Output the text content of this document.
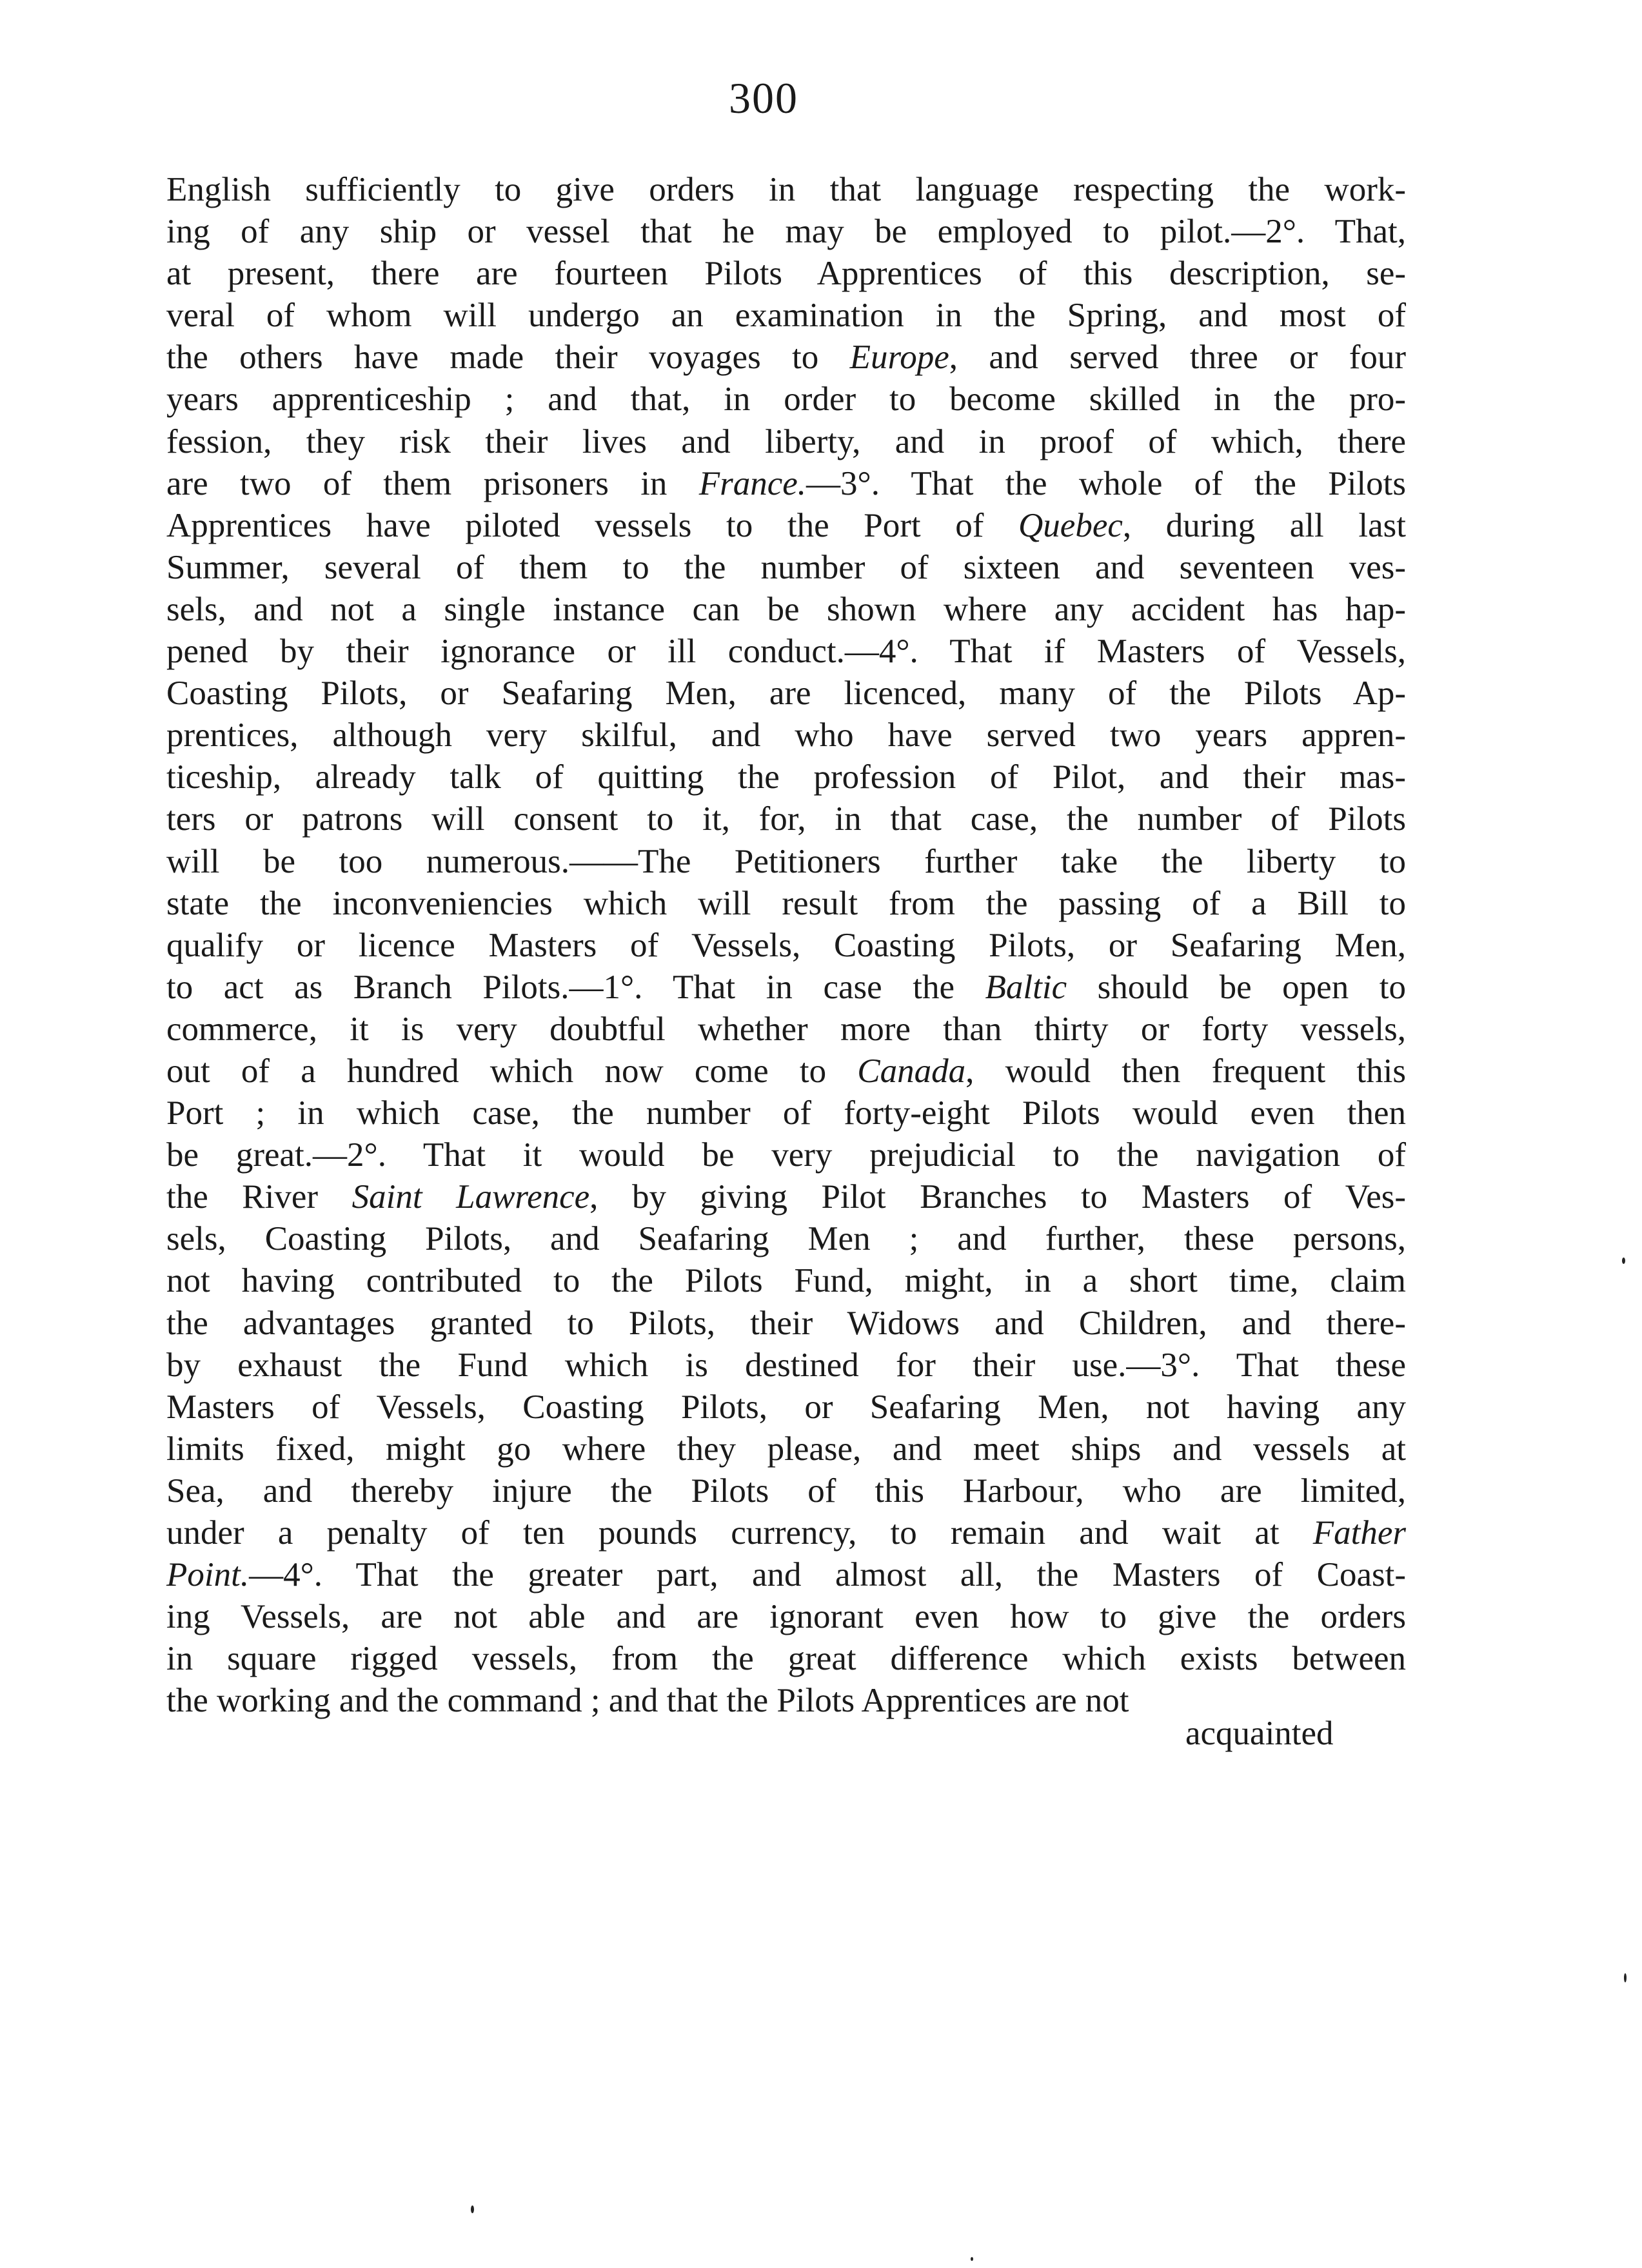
300
English sufficiently to give orders in that language respecting the work-
ing of any ship or vessel that he may be employed to pilot.—2°. That,
at present, there are fourteen Pilots Apprentices of this description, se-
veral of whom will undergo an examination in the Spring, and most of
the others have made their voyages to Europe, and served three or four
years apprenticeship ; and that, in order to become skilled in the pro-
fession, they risk their lives and liberty, and in proof of which, there
are two of them prisoners in France.—3°. That the whole of the Pilots
Apprentices have piloted vessels to the Port of Quebec, during all last
Summer, several of them to the number of sixteen and seventeen ves-
sels, and not a single instance can be shown where any accident has hap-
pened by their ignorance or ill conduct.—4°. That if Masters of Vessels,
Coasting Pilots, or Seafaring Men, are licenced, many of the Pilots Ap-
prentices, although very skilful, and who have served two years appren-
ticeship, already talk of quitting the profession of Pilot, and their mas-
ters or patrons will consent to it, for, in that case, the number of Pilots
will be too numerous.——The Petitioners further take the liberty to
state the inconveniencies which will result from the passing of a Bill to
qualify or licence Masters of Vessels, Coasting Pilots, or Seafaring Men,
to act as Branch Pilots.—1°. That in case the Baltic should be open to
commerce, it is very doubtful whether more than thirty or forty vessels,
out of a hundred which now come to Canada, would then frequent this
Port ; in which case, the number of forty-eight Pilots would even then
be great.—2°. That it would be very prejudicial to the navigation of
the River Saint Lawrence, by giving Pilot Branches to Masters of Ves-
sels, Coasting Pilots, and Seafaring Men ; and further, these persons,
not having contributed to the Pilots Fund, might, in a short time, claim
the advantages granted to Pilots, their Widows and Children, and there-
by exhaust the Fund which is destined for their use.—3°. That these
Masters of Vessels, Coasting Pilots, or Seafaring Men, not having any
limits fixed, might go where they please, and meet ships and vessels at
Sea, and thereby injure the Pilots of this Harbour, who are limited,
under a penalty of ten pounds currency, to remain and wait at Father
Point.—4°. That the greater part, and almost all, the Masters of Coast-
ing Vessels, are not able and are ignorant even how to give the orders
in square rigged vessels, from the great difference which exists between
the working and the command ; and that the Pilots Apprentices are not
acquainted
